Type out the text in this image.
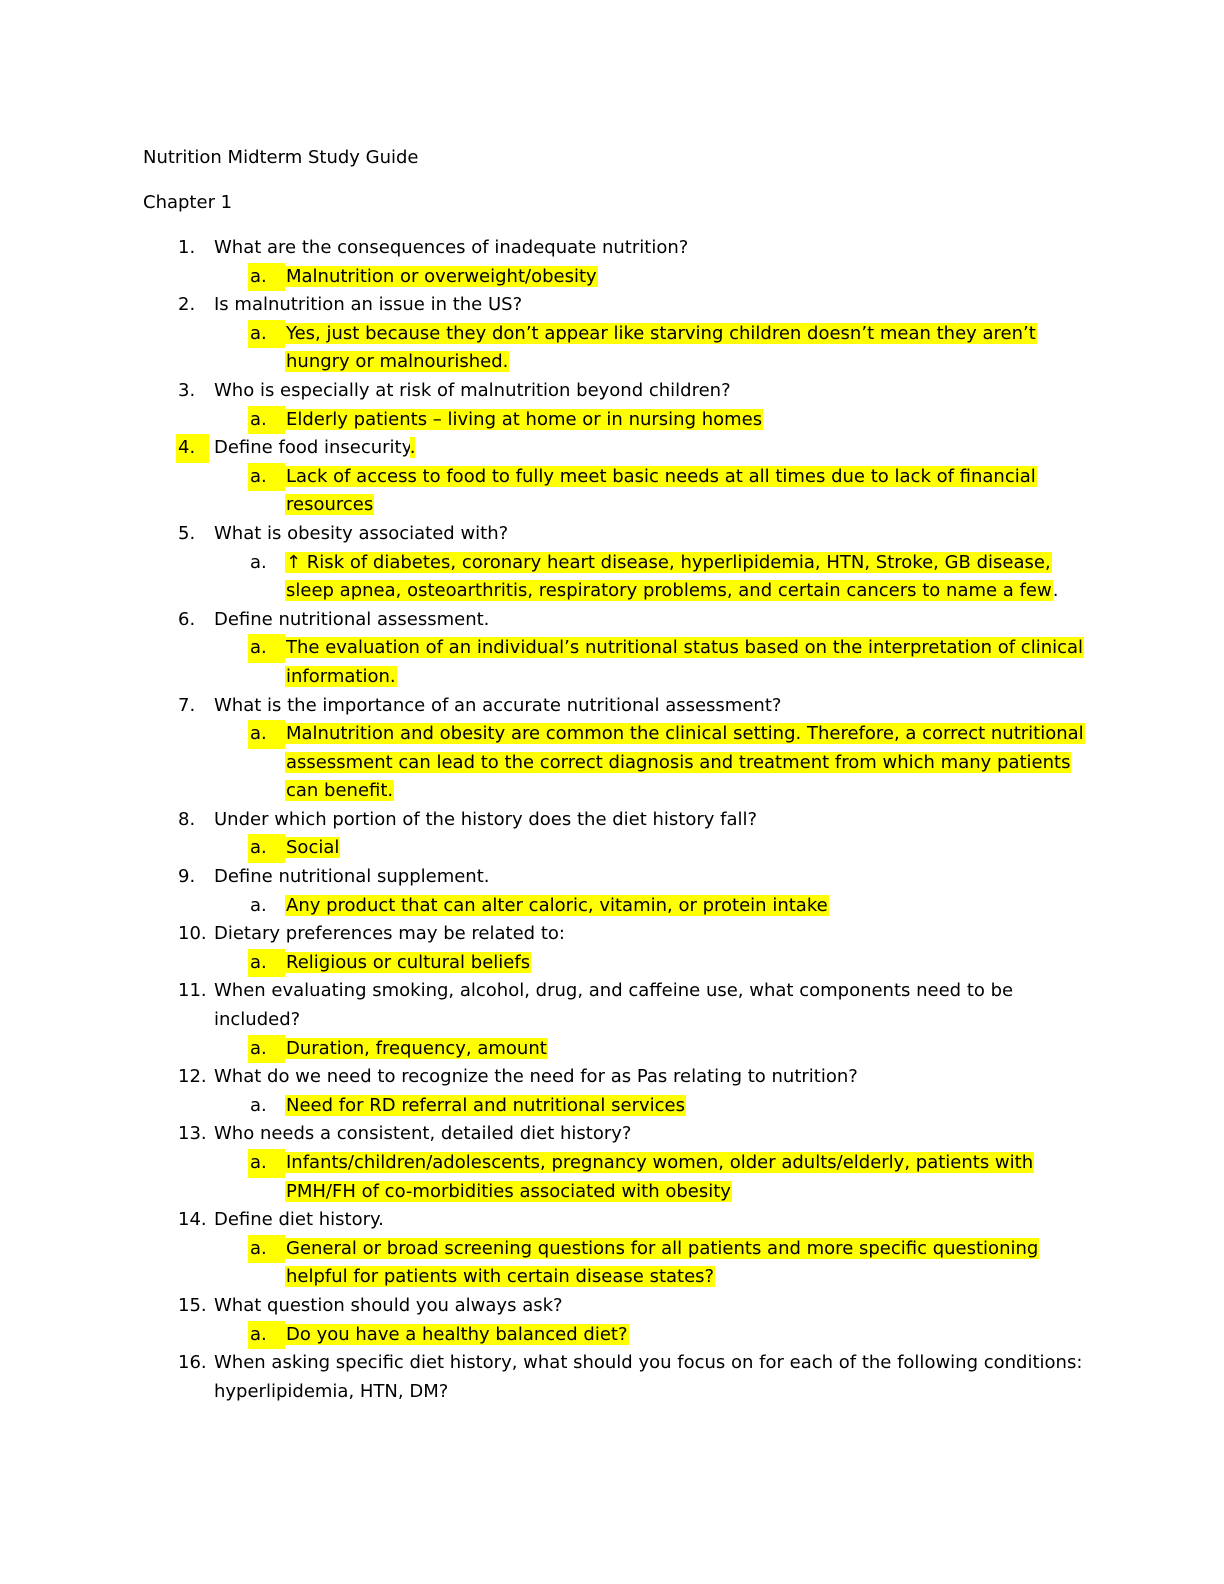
Nutrition Midterm Study Guide
Chapter 1
1. What are the consequences of inadequate nutrition?
a. Malnutrition or overweight/obesity
2. Is malnutrition an issue in the US?
a. Yes, just because they don’t appear like starving children doesn’t mean they aren’t hungry or malnourished.
3. Who is especially at risk of malnutrition beyond children?
a. Elderly patients – living at home or in nursing homes
4.	Define food insecurity.
a. Lack of access to food to fully meet basic needs at all times due to lack of financial resources
5. What is obesity associated with?
a. ↑ Risk of diabetes, coronary heart disease, hyperlipidemia, HTN, Stroke, GB disease, sleep apnea, osteoarthritis, respiratory problems, and certain cancers to name a few.
6. Define nutritional assessment.
a. The evaluation of an individual’s nutritional status based on the interpretation of clinical information.
7. What is the importance of an accurate nutritional assessment?
a. Malnutrition and obesity are common the clinical setting. Therefore, a correct nutritional assessment can lead to the correct diagnosis and treatment from which many patients can benefit.
8. Under which portion of the history does the diet history fall?
a. Social
9. Define nutritional supplement.
a. Any product that can alter caloric, vitamin, or protein intake
10. Dietary preferences may be related to:
a. Religious or cultural beliefs
11. When evaluating smoking, alcohol, drug, and caffeine use, what components need to be included?
a. Duration, frequency, amount
12. What do we need to recognize the need for as Pas relating to nutrition?
a. Need for RD referral and nutritional services
13. Who needs a consistent, detailed diet history?
a. Infants/children/adolescents, pregnancy women, older adults/elderly, patients with PMH/FH of co-morbidities associated with obesity
14. Define diet history.
a. General or broad screening questions for all patients and more specific questioning helpful for patients with certain disease states?
15. What question should you always ask?
a. Do you have a healthy balanced diet?
16. When asking specific diet history, what should you focus on for each of the following conditions: hyperlipidemia, HTN, DM?
